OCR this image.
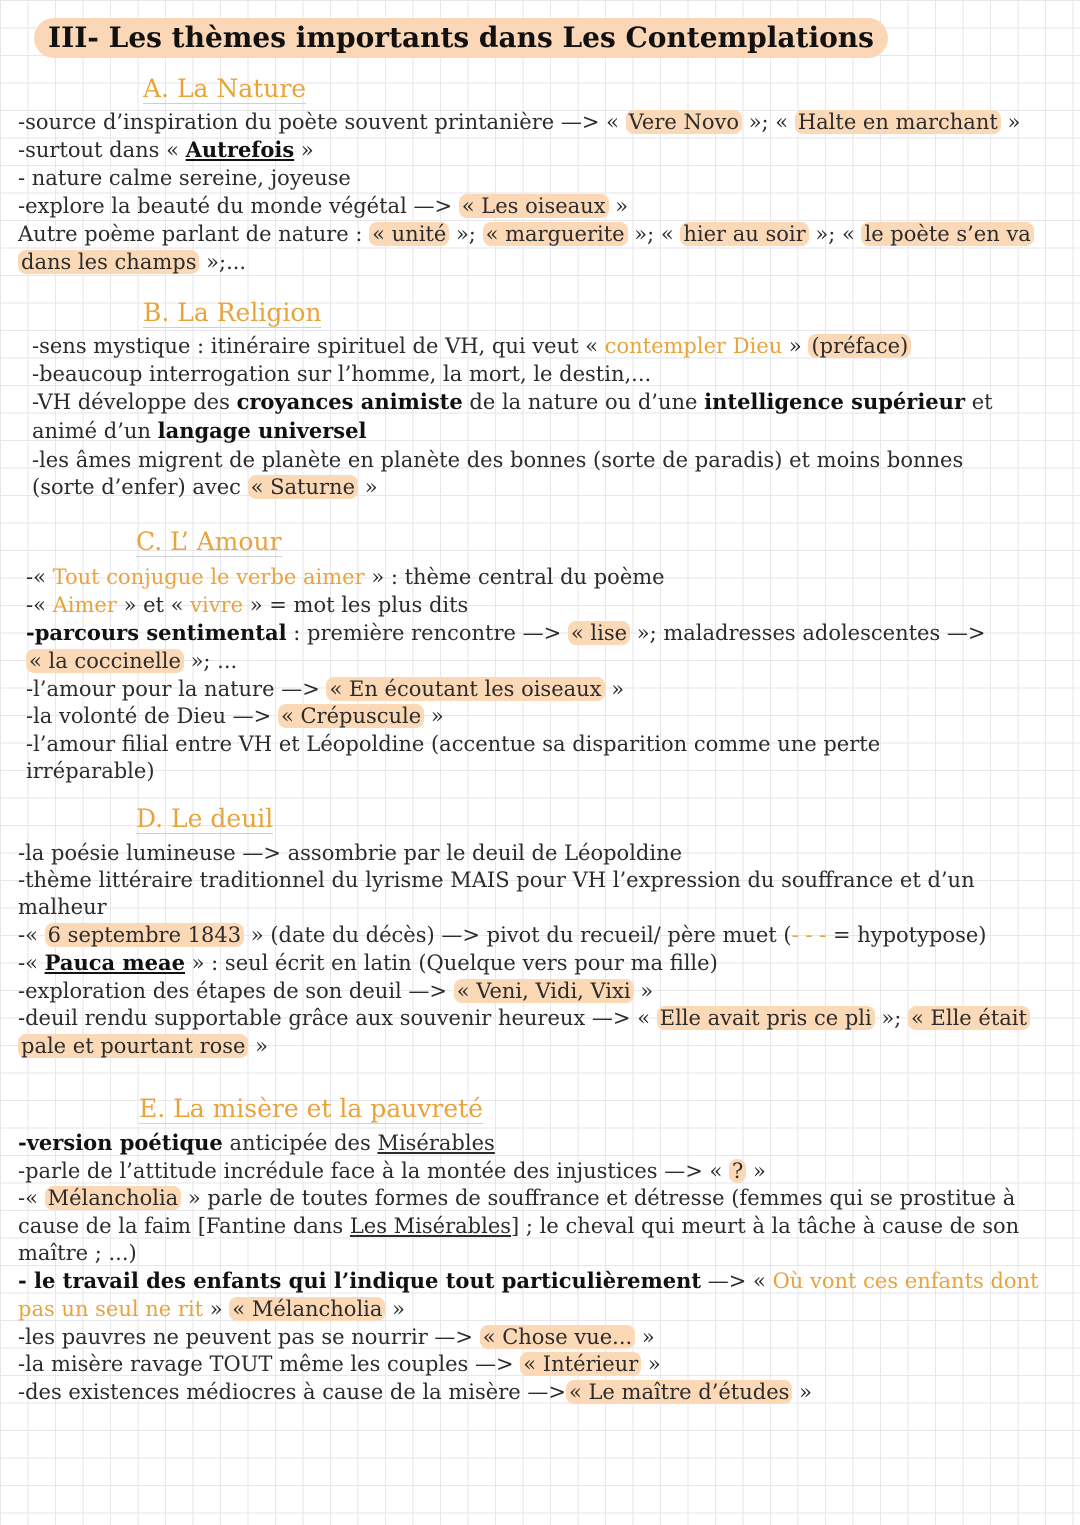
III- Les thèmes importants dans Les Contemplations
A. La Nature
-source d’inspiration du poète souvent printanière —> « Vere Novo »; « Halte en marchant »
-surtout dans « Autrefois »
- nature calme sereine, joyeuse
-explore la beauté du monde végétal —> « Les oiseaux »
Autre poème parlant de nature : « unité »; « marguerite »; « hier au soir »; « le poète s’en va
dans les champs »;...
B. La Religion
-sens mystique : itinéraire spirituel de VH, qui veut « contempler Dieu » (préface)
-beaucoup interrogation sur l’homme, la mort, le destin,...
-VH développe des croyances animiste de la nature ou d’une intelligence supérieur et
animé d’un langage universel
-les âmes migrent de planète en planète des bonnes (sorte de paradis) et moins bonnes
(sorte d’enfer) avec « Saturne »
C. L’ Amour
-« Tout conjugue le verbe aimer » : thème central du poème
-« Aimer » et « vivre » = mot les plus dits
-parcours sentimental : première rencontre —> « lise »; maladresses adolescentes —>
« la coccinelle »; ...
-l’amour pour la nature —> « En écoutant les oiseaux »
-la volonté de Dieu —> « Crépuscule »
-l’amour filial entre VH et Léopoldine (accentue sa disparition comme une perte
irréparable)
D. Le deuil
-la poésie lumineuse —> assombrie par le deuil de Léopoldine
-thème littéraire traditionnel du lyrisme MAIS pour VH l’expression du souffrance et d’un
malheur
-« 6 septembre 1843 » (date du décès) —> pivot du recueil/ père muet (- - - = hypotypose)
-« Pauca meae » : seul écrit en latin (Quelque vers pour ma fille)
-exploration des étapes de son deuil —> « Veni, Vidi, Vixi »
-deuil rendu supportable grâce aux souvenir heureux —> « Elle avait pris ce pli »; « Elle était
pale et pourtant rose »
E. La misère et la pauvreté
-version poétique anticipée des Misérables
-parle de l’attitude incrédule face à la montée des injustices —> « ? »
-« Mélancholia » parle de toutes formes de souffrance et détresse (femmes qui se prostitue à
cause de la faim [Fantine dans Les Misérables] ; le cheval qui meurt à la tâche à cause de son
maître ; ...)
- le travail des enfants qui l’indique tout particulièrement —> « Où vont ces enfants dont
pas un seul ne rit » « Mélancholia »
-les pauvres ne peuvent pas se nourrir —> « Chose vue... »
-la misère ravage TOUT même les couples —> « Intérieur »
-des existences médiocres à cause de la misère —> « Le maître d’études »
